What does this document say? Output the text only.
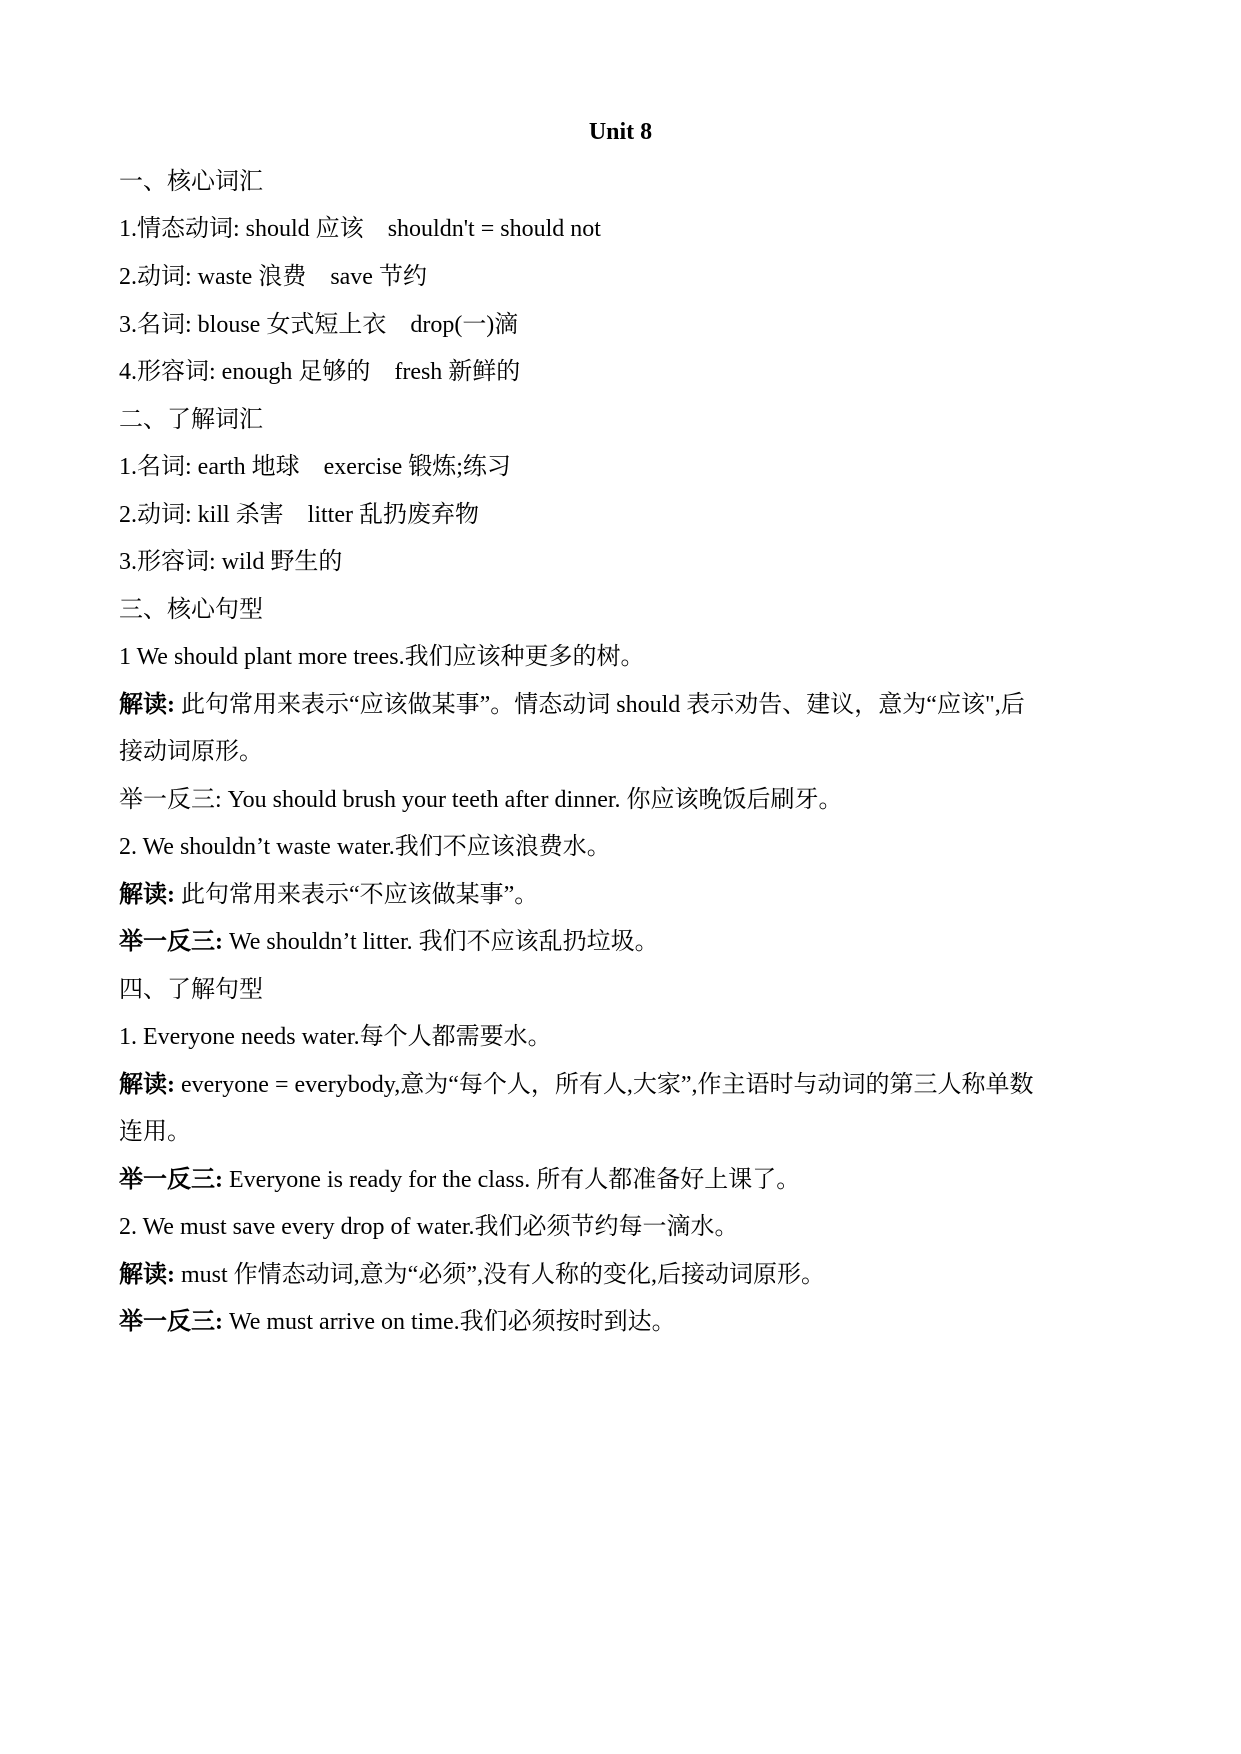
Unit 8
一、核心词汇
1.情态动词: should 应该 shouldn't = should not
2.动词: waste 浪费 save 节约
3.名词: blouse 女式短上衣 drop(一)滴
4.形容词: enough 足够的 fresh 新鲜的
二、了解词汇
1.名词: earth 地球 exercise 锻炼;练习
2.动词: kill 杀害 litter 乱扔废弃物
3.形容词: wild 野生的
三、核心句型
1 We should plant more trees.我们应该种更多的树。
解读: 此句常用来表示“应该做某事”。情态动词 should 表示劝告、建议，意为“应该",后
接动词原形。
举一反三: You should brush your teeth after dinner. 你应该晚饭后刷牙。
2. We shouldn’t waste water.我们不应该浪费水。
解读: 此句常用来表示“不应该做某事”。
举一反三: We shouldn’t litter. 我们不应该乱扔垃圾。
四、了解句型
1. Everyone needs water.每个人都需要水。
解读: everyone = everybody,意为“每个人，所有人,大家”,作主语时与动词的第三人称单数
连用。
举一反三: Everyone is ready for the class. 所有人都准备好上课了。
2. We must save every drop of water.我们必须节约每一滴水。
解读: must 作情态动词,意为“必须”,没有人称的变化,后接动词原形。
举一反三: We must arrive on time.我们必须按时到达。
